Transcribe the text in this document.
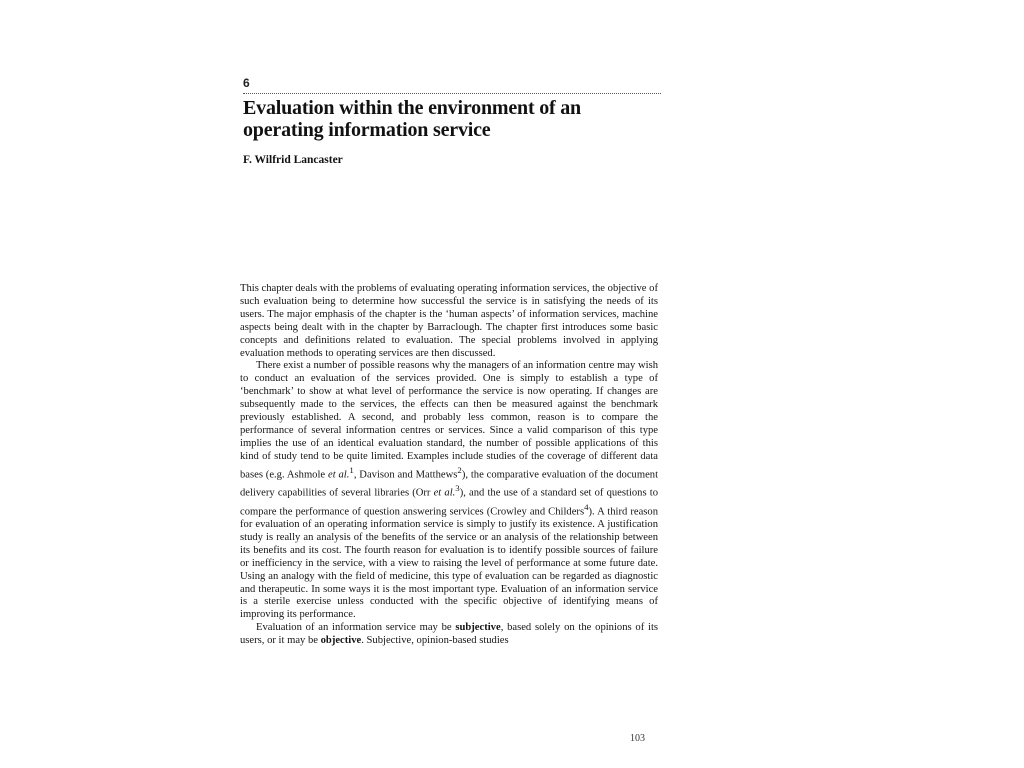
6
Evaluation within the environment of an operating information service
F. Wilfrid Lancaster

This chapter deals with the problems of evaluating operating information services, the objective of such evaluation being to determine how successful the service is in satisfying the needs of its users. The major emphasis of the chapter is the ‘human aspects’ of information services, machine aspects being dealt with in the chapter by Barraclough. The chapter first introduces some basic concepts and definitions related to evaluation. The special problems involved in applying evaluation methods to operating services are then discussed.

There exist a number of possible reasons why the managers of an information centre may wish to conduct an evaluation of the services provided. One is simply to establish a type of ‘benchmark’ to show at what level of performance the service is now operating. If changes are subsequently made to the services, the effects can then be measured against the benchmark previously established. A second, and probably less common, reason is to compare the performance of several information centres or services. Since a valid comparison of this type implies the use of an identical evaluation standard, the number of possible applications of this kind of study tend to be quite limited. Examples include studies of the coverage of different data bases (e.g. Ashmole et al.$^1$, Davison and Matthews$^2$), the comparative evaluation of the document delivery capabilities of several libraries (Orr et al.$^3$), and the use of a standard set of questions to compare the performance of question answering services (Crowley and Childers$^4$). A third reason for evaluation of an operating information service is simply to justify its existence. A justification study is really an analysis of the benefits of the service or an analysis of the relationship between its benefits and its cost. The fourth reason for evaluation is to identify possible sources of failure or inefficiency in the service, with a view to raising the level of performance at some future date. Using an analogy with the field of medicine, this type of evaluation can be regarded as diagnostic and therapeutic. In some ways it is the most important type. Evaluation of an information service is a sterile exercise unless conducted with the specific objective of identifying means of improving its performance.

Evaluation of an information service may be subjective, based solely on the opinions of its users, or it may be objective. Subjective, opinion-based studies

103
